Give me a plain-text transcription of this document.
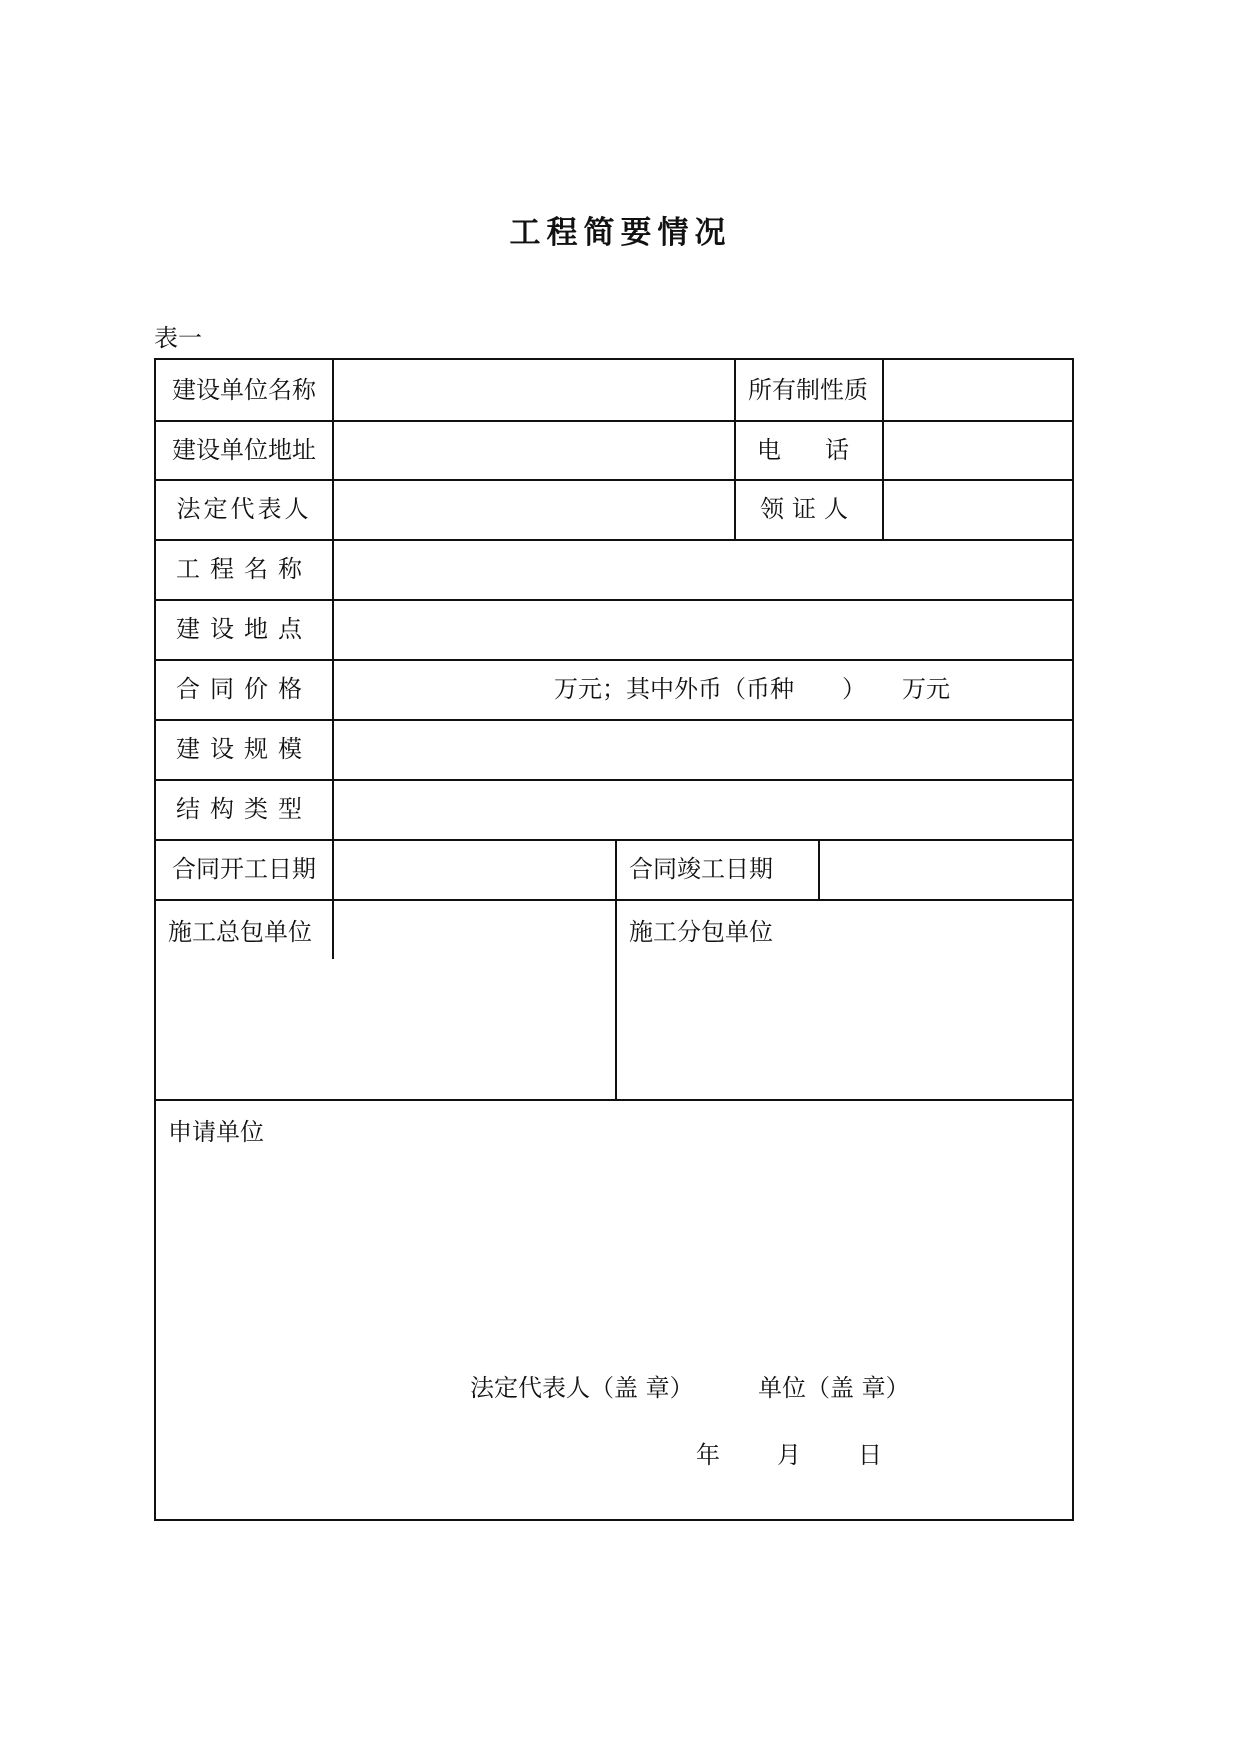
工程简要情况
表一
建设单位名称	所有制性质
建设单位地址	电　话
法定代表人	领证人
工程名称
建设地点
合同价格	万元；其中外币（币种　　）　　万元
建设规模
结构类型
合同开工日期	合同竣工日期
施工总包单位	施工分包单位
申请单位
法定代表人（盖 章）	单位（盖 章）
年　　月　　日
